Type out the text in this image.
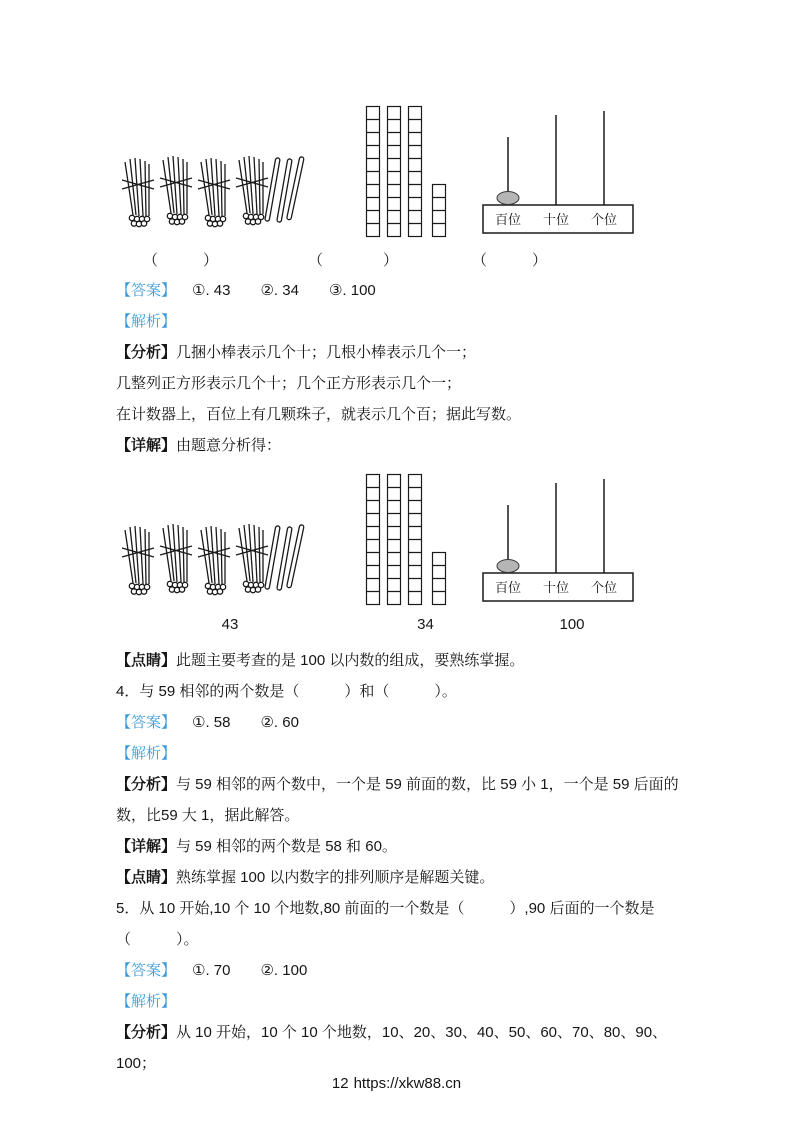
百位 十位 个位
（　　　）	（　　　　）	（　　　）

【答案】 ①. 43　　②. 34　　③. 100

【解析】

【分析】几捆小棒表示几个十；几根小棒表示几个一；

几整列正方形表示几个十；几个正方形表示几个一；

在计数器上，百位上有几颗珠子，就表示几个百；据此写数。

【详解】由题意分析得：

百位 十位 个位
43	34	100

【点睛】此题主要考查的是 100 以内数的组成，要熟练掌握。

4．与 59 相邻的两个数是（　　　）和（　　　）。

【答案】 ①. 58　　②. 60

【解析】

【分析】与 59 相邻的两个数中，一个是 59 前面的数，比 59 小 1，一个是 59 后面的数，比59 大 1，据此解答。

【详解】与 59 相邻的两个数是 58 和 60。

【点睛】熟练掌握 100 以内数字的排列顺序是解题关键。

5．从 10 开始,10 个 10 个地数,80 前面的一个数是（　　　）,90 后面的一个数是（　　　）。

【答案】 ①. 70　　②. 100

【解析】

【分析】从 10 开始，10 个 10 个地数，10、20、30、40、50、60、70、80、90、100；

12 https://xkw88.cn
